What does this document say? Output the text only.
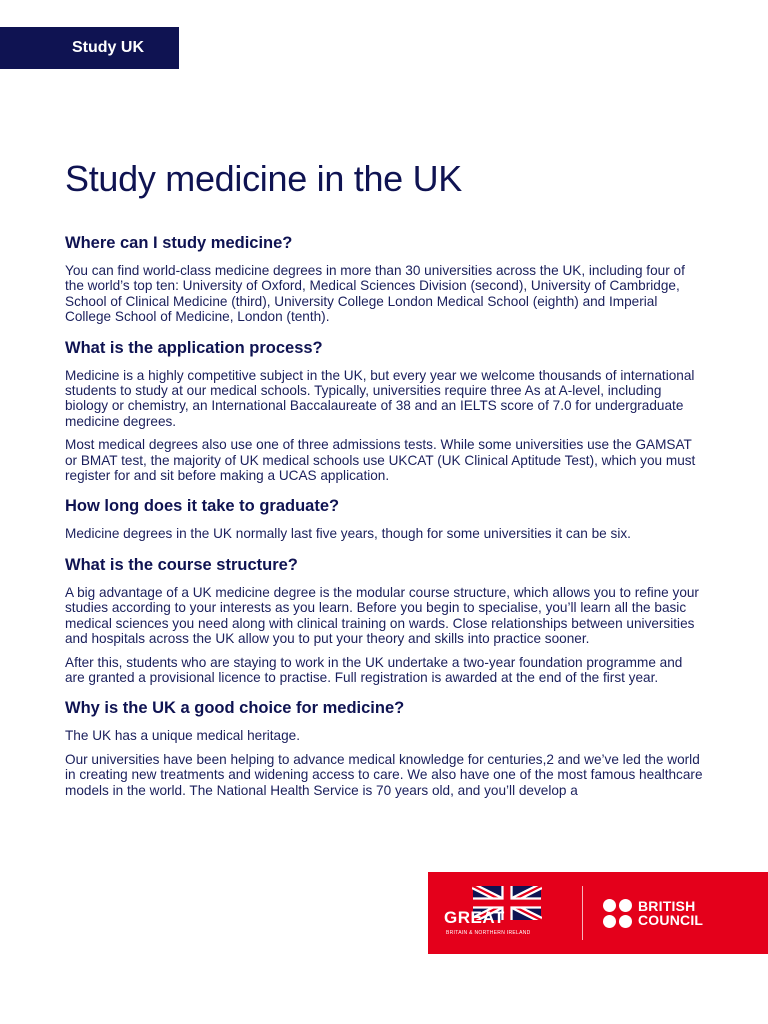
Study UK
Study medicine in the UK
Where can I study medicine?

You can find world-class medicine degrees in more than 30 universities across the UK, including four of the world’s top ten: University of Oxford, Medical Sciences Division (second), University of Cambridge, School of Clinical Medicine (third), University College London Medical School (eighth) and Imperial College School of Medicine, London (tenth).

What is the application process?

Medicine is a highly competitive subject in the UK, but every year we welcome thousands of international students to study at our medical schools. Typically, universities require three As at A-level, including biology or chemistry, an International Baccalaureate of 38 and an IELTS score of 7.0 for undergraduate medicine degrees.

Most medical degrees also use one of three admissions tests. While some universities use the GAMSAT or BMAT test, the majority of UK medical schools use UKCAT (UK Clinical Aptitude Test), which you must register for and sit before making a UCAS application.

How long does it take to graduate?

Medicine degrees in the UK normally last five years, though for some universities it can be six.

What is the course structure?

A big advantage of a UK medicine degree is the modular course structure, which allows you to refine your studies according to your interests as you learn. Before you begin to specialise, you’ll learn all the basic medical sciences you need along with clinical training on wards. Close relationships between universities and hospitals across the UK allow you to put your theory and skills into practice sooner.

After this, students who are staying to work in the UK undertake a two-year foundation programme and are granted a provisional licence to practise. Full registration is awarded at the end of the first year.

Why is the UK a good choice for medicine?

The UK has a unique medical heritage.

Our universities have been helping to advance medical knowledge for centuries,2 and we’ve led the world in creating new treatments and widening access to care. We also have one of the most famous healthcare models in the world. The National Health Service is 70 years old, and you’ll develop a

GREAT
BRITAIN & NORTHERN IRELAND
BRITISH
COUNCIL
